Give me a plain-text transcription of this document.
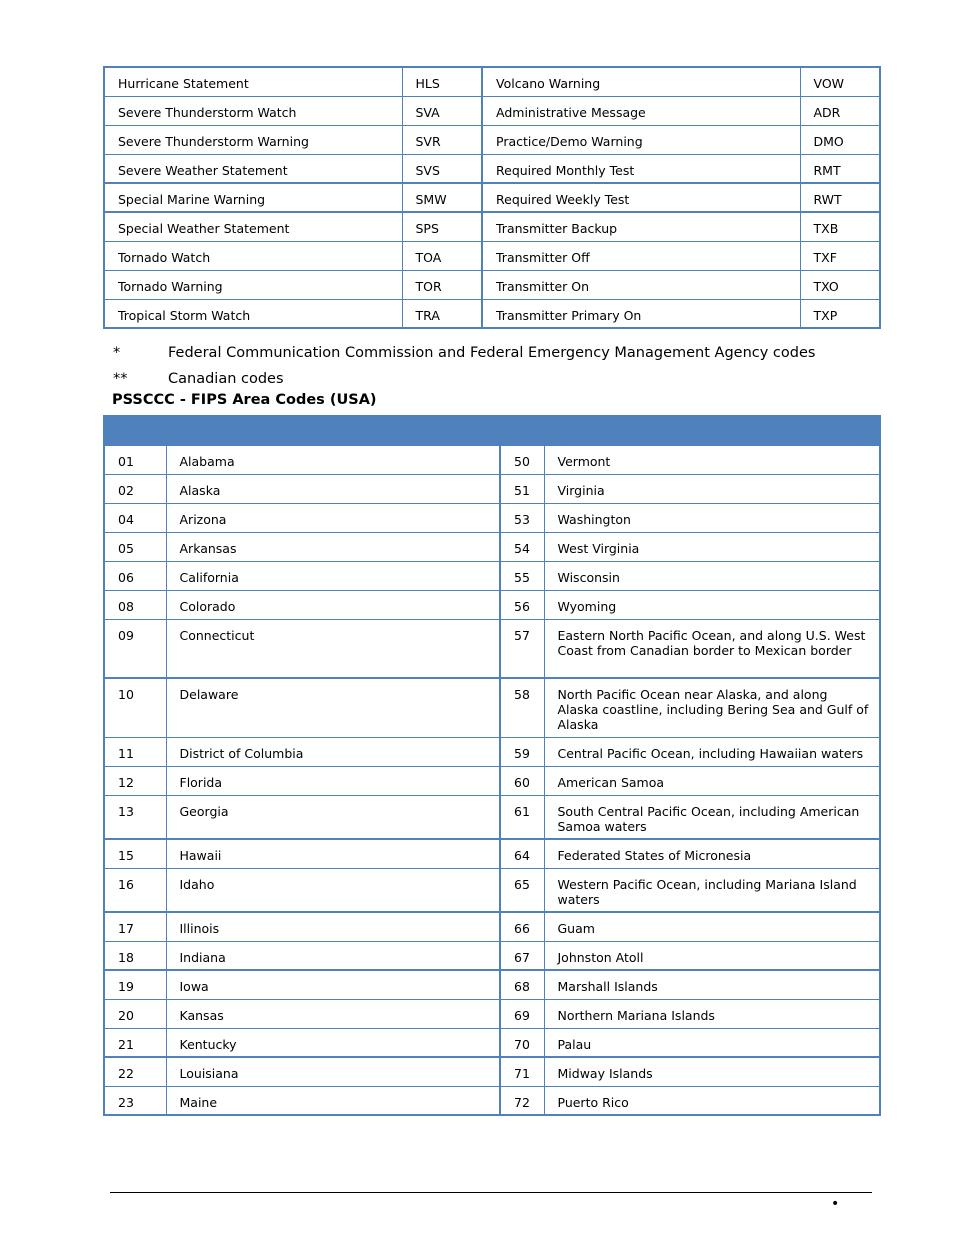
Hurricane Statement	HLS	Volcano Warning	VOW
Severe Thunderstorm Watch	SVA	Administrative Message	ADR
Severe Thunderstorm Warning	SVR	Practice/Demo Warning	DMO
Severe Weather Statement	SVS	Required Monthly Test	RMT
Special Marine Warning	SMW	Required Weekly Test	RWT
Special Weather Statement	SPS	Transmitter Backup	TXB
Tornado Watch	TOA	Transmitter Off	TXF
Tornado Warning	TOR	Transmitter On	TXO
Tropical Storm Watch	TRA	Transmitter Primary On	TXP
*	Federal Communication Commission and Federal Emergency Management Agency codes
**	Canadian codes
PSSCCC - FIPS Area Codes (USA)

01	Alabama	50	Vermont
02	Alaska	51	Virginia
04	Arizona	53	Washington
05	Arkansas	54	West Virginia
06	California	55	Wisconsin
08	Colorado	56	Wyoming
09	Connecticut	57	Eastern North Pacific Ocean, and along U.S. West Coast from Canadian border to Mexican border
10	Delaware	58	North Pacific Ocean near Alaska, and along Alaska coastline, including Bering Sea and Gulf of Alaska
11	District of Columbia	59	Central Pacific Ocean, including Hawaiian waters
12	Florida	60	American Samoa
13	Georgia	61	South Central Pacific Ocean, including American Samoa waters
15	Hawaii	64	Federated States of Micronesia
16	Idaho	65	Western Pacific Ocean, including Mariana Island waters
17	Illinois	66	Guam
18	Indiana	67	Johnston Atoll
19	Iowa	68	Marshall Islands
20	Kansas	69	Northern Mariana Islands
21	Kentucky	70	Palau
22	Louisiana	71	Midway Islands
23	Maine	72	Puerto Rico
•
